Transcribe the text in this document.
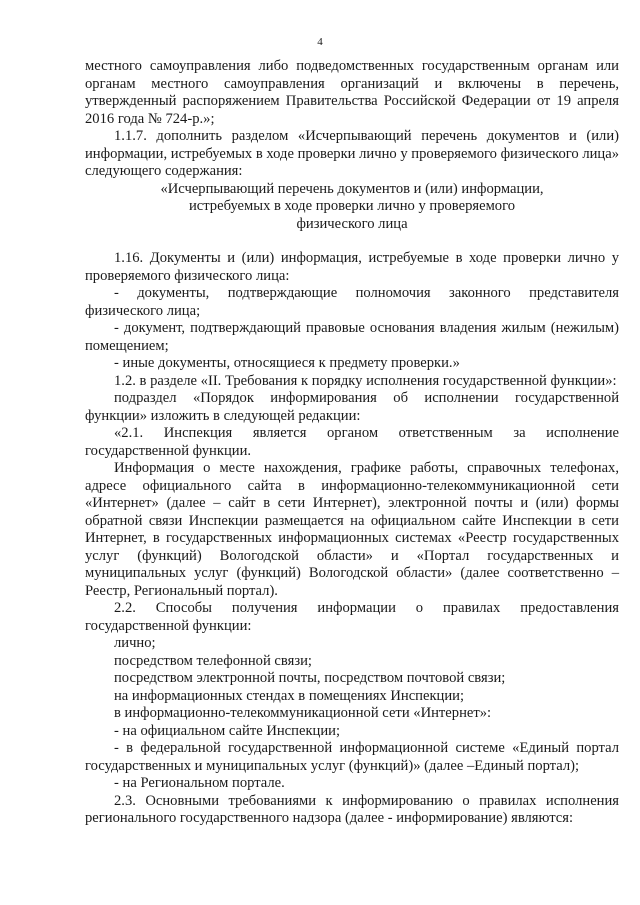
4

местного самоуправления либо подведомственных государственным органам или органам местного самоуправления организаций и включены в перечень, утвержденный распоряжением Правительства Российской Федерации от 19 апреля 2016 года № 724-р.»;

1.1.7. дополнить разделом «Исчерпывающий перечень документов и (или) информации, истребуемых в ходе проверки лично у проверяемого физического лица» следующего содержания:

«Исчерпывающий перечень документов и (или) информации,
истребуемых в ходе проверки лично у проверяемого
физического лица

1.16. Документы и (или) информация, истребуемые в ходе проверки лично у проверяемого физического лица:

- документы, подтверждающие полномочия законного представителя физического лица;

- документ, подтверждающий правовые основания владения жилым (нежилым) помещением;

- иные документы, относящиеся к предмету проверки.»

1.2. в разделе «II. Требования к порядку исполнения государственной функции»:

подраздел «Порядок информирования об исполнении государственной функции» изложить в следующей редакции:

«2.1. Инспекция является органом ответственным за исполнение государственной функции.

Информация о месте нахождения, графике работы, справочных телефонах, адресе официального сайта в информационно-телекоммуникационной сети «Интернет» (далее – сайт в сети Интернет), электронной почты и (или) формы обратной связи Инспекции размещается на официальном сайте Инспекции в сети Интернет, в государственных информационных системах «Реестр государственных услуг (функций) Вологодской области» и «Портал государственных и муниципальных услуг (функций) Вологодской области» (далее соответственно – Реестр, Региональный портал).

2.2. Способы получения информации о правилах предоставления государственной функции:

лично;

посредством телефонной связи;

посредством электронной почты, посредством почтовой связи;

на информационных стендах в помещениях Инспекции;

в информационно-телекоммуникационной сети «Интернет»:

- на официальном сайте Инспекции;

- в федеральной государственной информационной системе «Единый портал государственных и муниципальных услуг (функций)» (далее –Единый портал);

- на Региональном портале.

2.3. Основными требованиями к информированию о правилах исполнения регионального государственного надзора (далее - информирование) являются:
